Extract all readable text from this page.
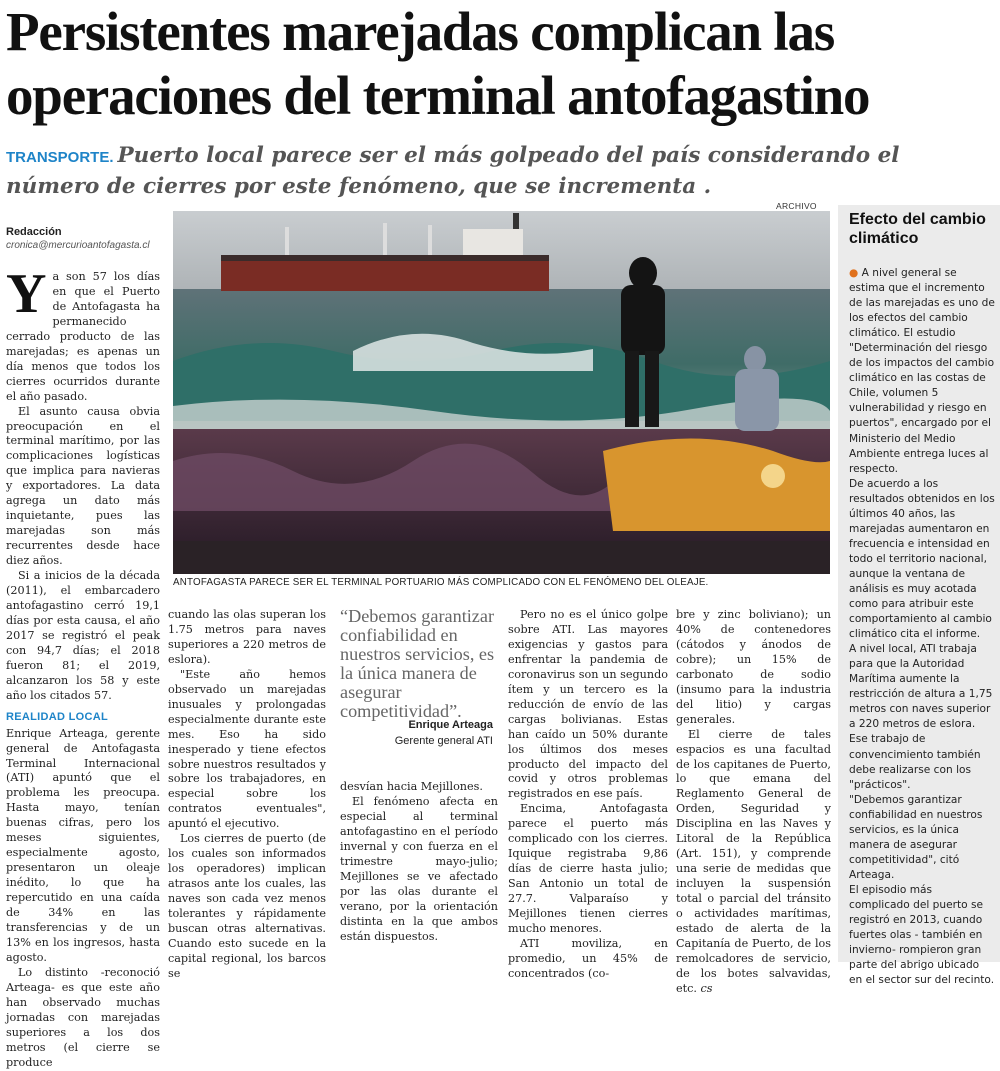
Persistentes marejadas complican las operaciones del terminal antofagastino
TRANSPORTE. Puerto local parece ser el más golpeado del país considerando el número de cierres por este fenómeno, que se incrementa .
Redacción
cronica@mercurioantofagasta.cl

Ya son 57 los días en que el Puerto de Antofagasta ha permanecido cerrado producto de las marejadas; es apenas un día menos que todos los cierres ocurridos durante el año pasado.

El asunto causa obvia preocupación en el terminal marítimo, por las complicaciones logísticas que implica para navieras y exportadores. La data agrega un dato más inquietante, pues las marejadas son más recurrentes desde hace diez años.

Si a inicios de la década (2011), el embarcadero antofagastino cerró 19,1 días por esta causa, el año 2017 se registró el peak con 94,7 días; el 2018 fueron 81; el 2019, alcanzaron los 58 y este año los citados 57.

REALIDAD LOCAL

Enrique Arteaga, gerente general de Antofagasta Terminal Internacional (ATI) apuntó que el problema les preocupa. Hasta mayo, tenían buenas cifras, pero los meses siguientes, especialmente agosto, presentaron un oleaje inédito, lo que ha repercutido en una caída de 34% en las transferencias y de un 13% en los ingresos, hasta agosto.

Lo distinto -reconoció Arteaga- es que este año han observado muchas jornadas con marejadas superiores a los dos metros (el cierre se produce

ARCHIVO
ANTOFAGASTA PARECE SER EL TERMINAL PORTUARIO MÁS COMPLICADO CON EL FENÓMENO DEL OLEAJE.

cuando las olas superan los 1.75 metros para naves superiores a 220 metros de eslora).

"Este año hemos observado un marejadas inusuales y prolongadas especialmente durante este mes. Eso ha sido inesperado y tiene efectos sobre nuestros resultados y sobre los trabajadores, en especial sobre los contratos eventuales", apuntó el ejecutivo.

Los cierres de puerto (de los cuales son informados los operadores) implican atrasos ante los cuales, las naves son cada vez menos tolerantes y rápidamente buscan otras alternativas. Cuando esto sucede en la capital regional, los barcos se

“Debemos garantizar confiabilidad en nuestros servicios, es la única manera de asegurar competitividad”.
Enrique Arteaga
Gerente general ATI

desvían hacia Mejillones.

El fenómeno afecta en especial al terminal antofagastino en el período invernal y con fuerza en el trimestre mayo-julio; Mejillones se ve afectado por las olas durante el verano, por la orientación distinta en la que ambos están dispuestos.

Pero no es el único golpe sobre ATI. Las mayores exigencias y gastos para enfrentar la pandemia de coronavirus son un segundo ítem y un tercero es la reducción de envío de las cargas bolivianas. Estas han caído un 50% durante los últimos dos meses producto del impacto del covid y otros problemas registrados en ese país.

Encima, Antofagasta parece el puerto más complicado con los cierres. Iquique registraba 9,86 días de cierre hasta julio; San Antonio un total de 27.7. Valparaíso y Mejillones tienen cierres mucho menores.

ATI moviliza, en promedio, un 45% de concentrados (co-

bre y zinc boliviano); un 40% de contenedores (cátodos y ánodos de cobre); un 15% de carbonato de sodio (insumo para la industria del litio) y cargas generales.

El cierre de tales espacios es una facultad de los capitanes de Puerto, lo que emana del Reglamento General de Orden, Seguridad y Disciplina en las Naves y Litoral de la República (Art. 151), y comprende una serie de medidas que incluyen la suspensión total o parcial del tránsito o actividades marítimas, estado de alerta de la Capitanía de Puerto, de los remolcadores de servicio, de los botes salvavidas, etc. cs

Efecto del cambio climático

● A nivel general se estima que el incremento de las marejadas es uno de los efectos del cambio climático. El estudio "Determinación del riesgo de los impactos del cambio climático en las costas de Chile, volumen 5 vulnerabilidad y riesgo en puertos", encargado por el Ministerio del Medio Ambiente entrega luces al respecto.

De acuerdo a los resultados obtenidos en los últimos 40 años, las marejadas aumentaron en frecuencia e intensidad en todo el territorio nacional, aunque la ventana de análisis es muy acotada como para atribuir este comportamiento al cambio climático cita el informe.

A nivel local, ATI trabaja para que la Autoridad Marítima aumente la restricción de altura a 1,75 metros con naves superior a 220 metros de eslora. Ese trabajo de convencimiento también debe realizarse con los "prácticos".

"Debemos garantizar confiabilidad en nuestros servicios, es la única manera de asegurar competitividad", citó Arteaga.

El episodio más complicado del puerto se registró en 2013, cuando fuertes olas - también en invierno- rompieron gran parte del abrigo ubicado en el sector sur del recinto.
